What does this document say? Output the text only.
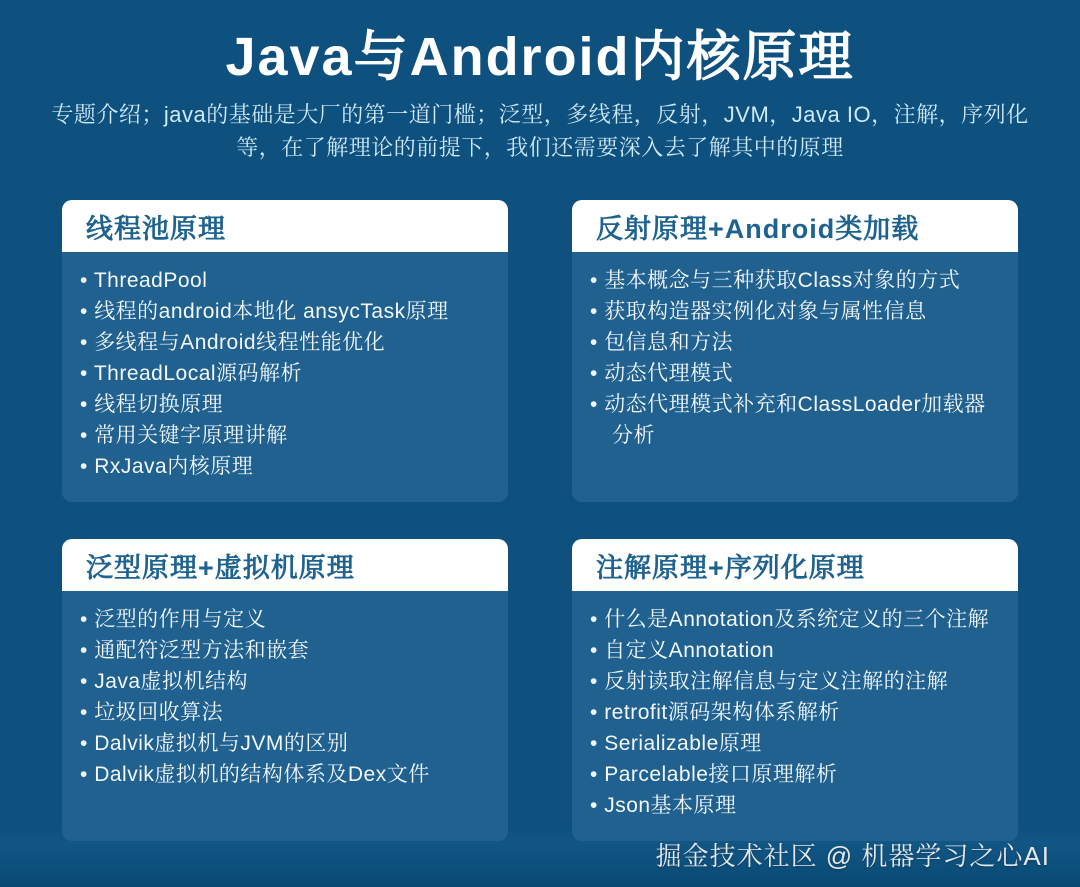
Java与Android内核原理
专题介绍；java的基础是大厂的第一道门槛；泛型，多线程，反射，JVM，Java IO，注解，序列化
等，在了解理论的前提下，我们还需要深入去了解其中的原理
线程池原理
• ThreadPool
• 线程的android本地化 ansycTask原理
• 多线程与Android线程性能优化
• ThreadLocal源码解析
• 线程切换原理
• 常用关键字原理讲解
• RxJava内核原理
反射原理+Android类加载
• 基本概念与三种获取Class对象的方式
• 获取构造器实例化对象与属性信息
• 包信息和方法
• 动态代理模式
• 动态代理模式补充和ClassLoader加载器分析
泛型原理+虚拟机原理
• 泛型的作用与定义
• 通配符泛型方法和嵌套
• Java虚拟机结构
• 垃圾回收算法
• Dalvik虚拟机与JVM的区别
• Dalvik虚拟机的结构体系及Dex文件
注解原理+序列化原理
• 什么是Annotation及系统定义的三个注解
• 自定义Annotation
• 反射读取注解信息与定义注解的注解
• retrofit源码架构体系解析
• Serializable原理
• Parcelable接口原理解析
• Json基本原理
掘金技术社区 @ 机器学习之心AI
